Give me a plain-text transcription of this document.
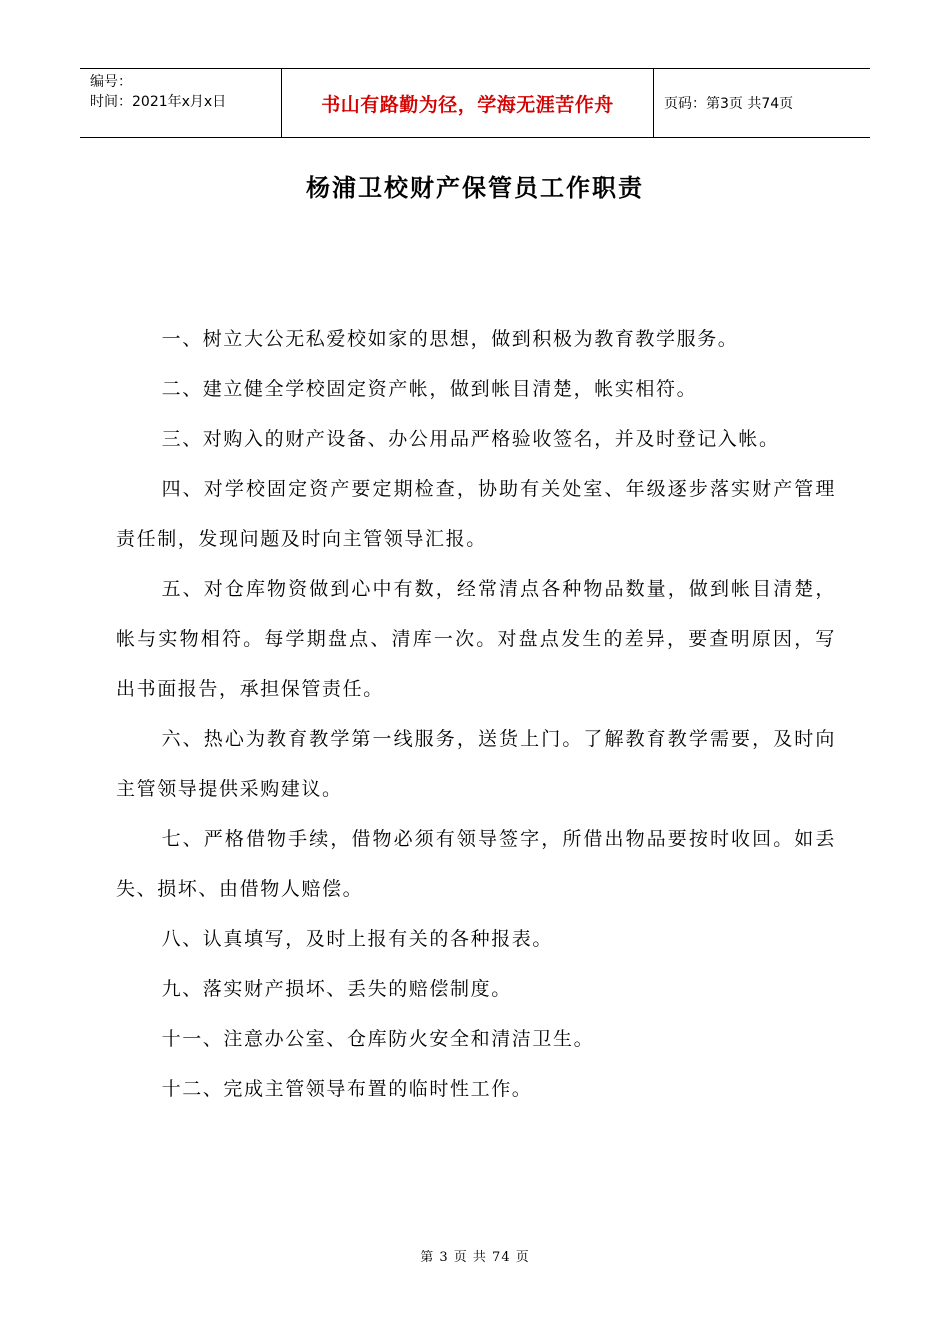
编号：
时间：2021年x月x日	书山有路勤为径，学海无涯苦作舟	页码：第3页 共74页
杨浦卫校财产保管员工作职责

一、树立大公无私爱校如家的思想，做到积极为教育教学服务。

二、建立健全学校固定资产帐，做到帐目清楚，帐实相符。

三、对购入的财产设备、办公用品严格验收签名，并及时登记入帐。

四、对学校固定资产要定期检查，协助有关处室、年级逐步落实财产管理责任制，发现问题及时向主管领导汇报。

五、对仓库物资做到心中有数，经常清点各种物品数量，做到帐目清楚，帐与实物相符。每学期盘点、清库一次。对盘点发生的差异，要查明原因，写出书面报告，承担保管责任。

六、热心为教育教学第一线服务，送货上门。了解教育教学需要，及时向主管领导提供采购建议。

七、严格借物手续，借物必须有领导签字，所借出物品要按时收回。如丢失、损坏、由借物人赔偿。

八、认真填写，及时上报有关的各种报表。

九、落实财产损坏、丢失的赔偿制度。

十一、注意办公室、仓库防火安全和清洁卫生。

十二、完成主管领导布置的临时性工作。

第 3 页 共 74 页
